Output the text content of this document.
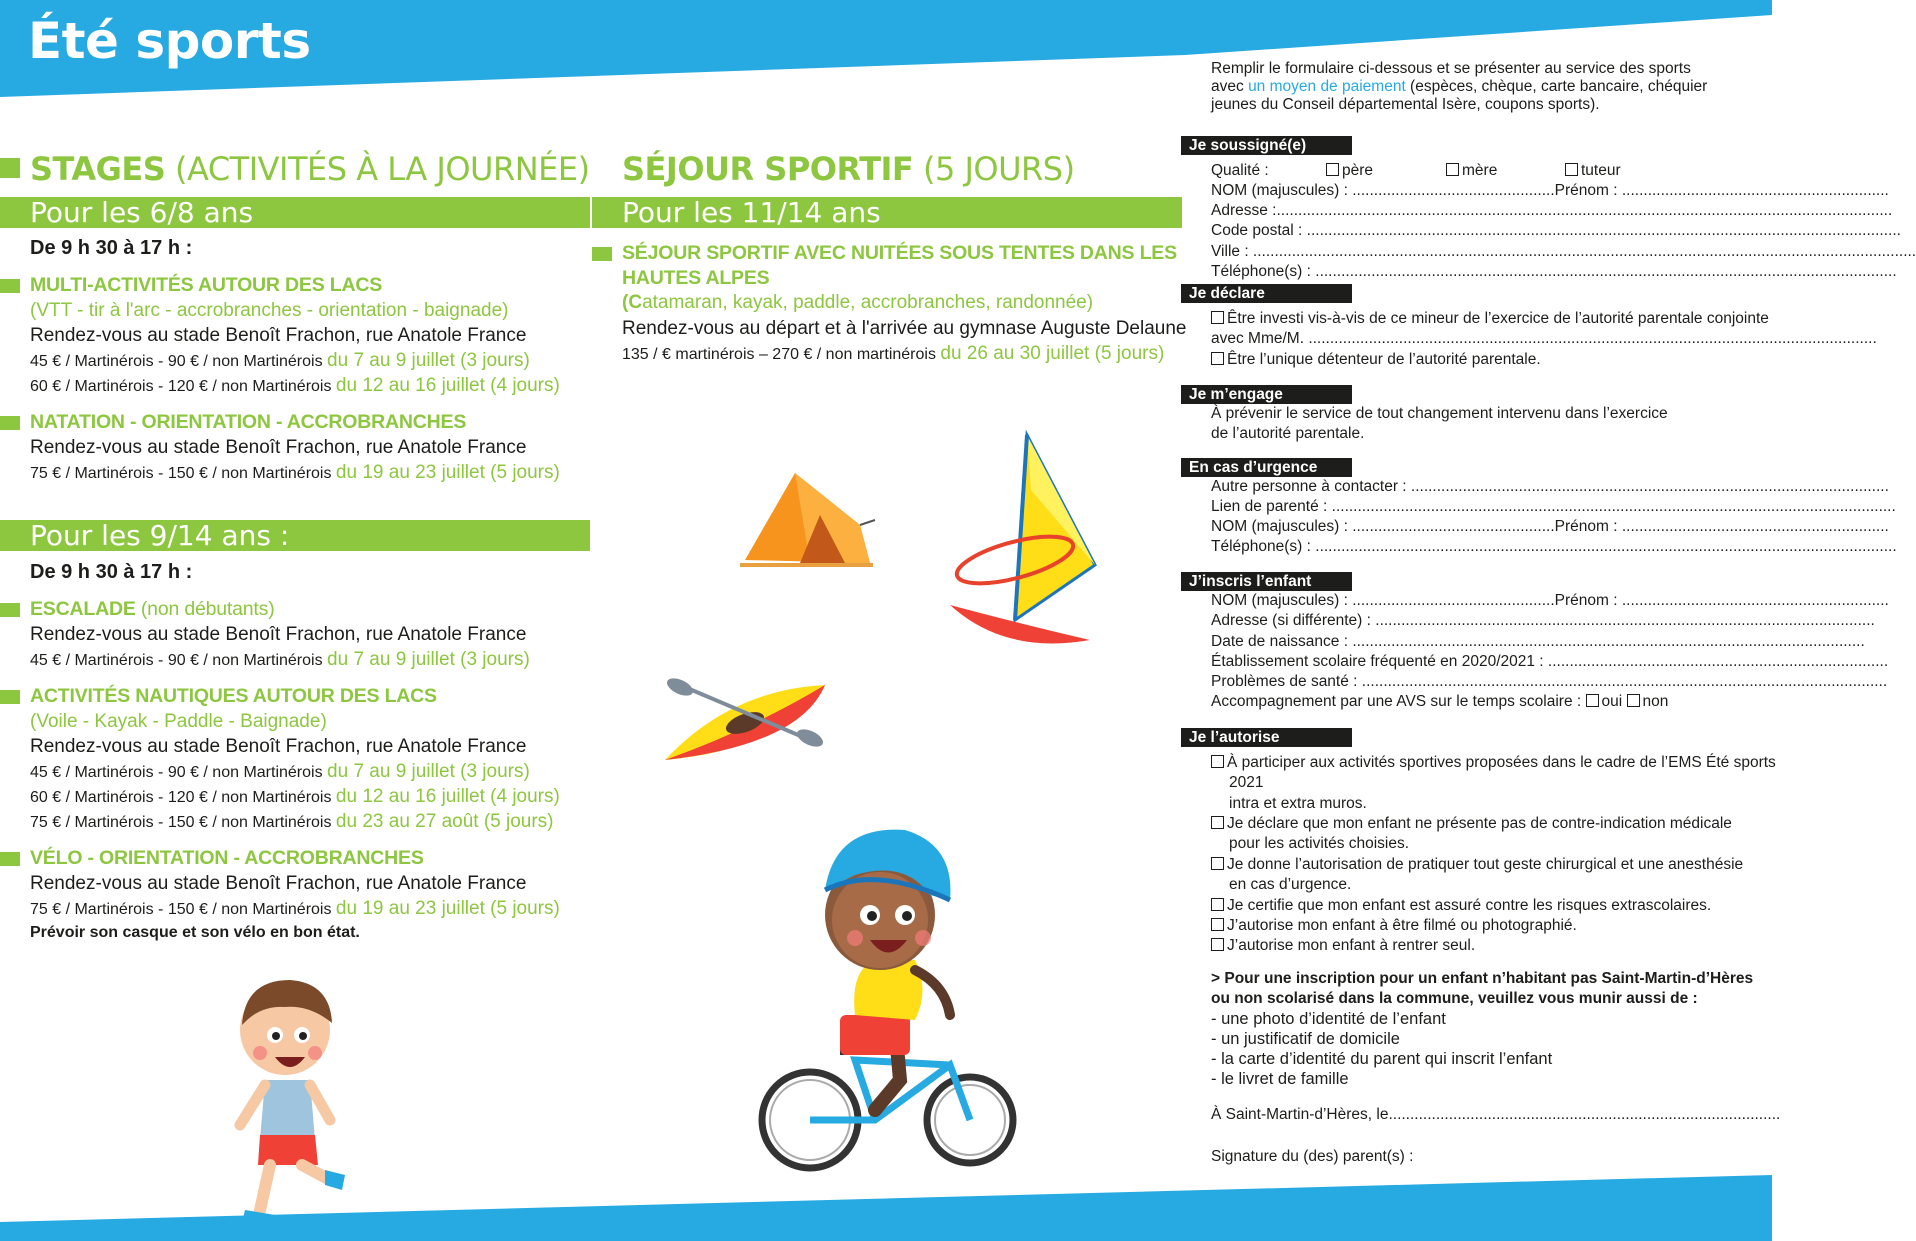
Été sports
STAGES (ACTIVITÉS À LA JOURNÉE)
Pour les 6/8 ans
De 9 h 30 à 17 h :
MULTI-ACTIVITÉS AUTOUR DES LACS
(VTT - tir à l'arc - accrobranches - orientation - baignade)
Rendez-vous au stade Benoît Frachon, rue Anatole France
45 € / Martinérois - 90 € / non Martinérois du 7 au 9 juillet (3 jours)
60 € / Martinérois - 120 € / non Martinérois du 12 au 16 juillet (4 jours)
NATATION - ORIENTATION - ACCROBRANCHES
Rendez-vous au stade Benoît Frachon, rue Anatole France
75 € / Martinérois - 150 € / non Martinérois du 19 au 23 juillet (5 jours)
Pour les 9/14 ans :
De 9 h 30 à 17 h :
ESCALADE (non débutants)
Rendez-vous au stade Benoît Frachon, rue Anatole France
45 € / Martinérois - 90 € / non Martinérois du 7 au 9 juillet (3 jours)
ACTIVITÉS NAUTIQUES AUTOUR DES LACS
(Voile - Kayak - Paddle - Baignade)
Rendez-vous au stade Benoît Frachon, rue Anatole France
45 € / Martinérois - 90 € / non Martinérois du 7 au 9 juillet (3 jours)
60 € / Martinérois - 120 € / non Martinérois du 12 au 16 juillet (4 jours)
75 € / Martinérois - 150 € / non Martinérois du 23 au 27 août (5 jours)
VÉLO - ORIENTATION - ACCROBRANCHES
Rendez-vous au stade Benoît Frachon, rue Anatole France
75 € / Martinérois - 150 € / non Martinérois du 19 au 23 juillet (5 jours)
Prévoir son casque et son vélo en bon état.
SÉJOUR SPORTIF (5 JOURS)
Pour les 11/14 ans
SÉJOUR SPORTIF AVEC NUITÉES SOUS TENTES DANS LES
HAUTES ALPES
(Catamaran, kayak, paddle, accrobranches, randonnée)
Rendez-vous au départ et à l'arrivée au gymnase Auguste Delaune
135 / € martinérois – 270 € / non martinérois du 26 au 30 juillet (5 jours)
Remplir le formulaire ci-dessous et se présenter au service des sports avec un moyen de paiement (espèces, chèque, carte bancaire, chéquier jeunes du Conseil départemental Isère, coupons sports).
Je soussigné(e)
Qualité :	père	mère	tuteur
NOM (majuscules) : ...............................................Prénom : ..............................................................
Adresse :...............................................................................................................................................
Code postal : ..........................................................................................................................................
Ville : ..........................................................................................................................................................
Téléphone(s) : .......................................................................................................................................
Je déclare
Être investi vis-à-vis de ce mineur de l’exercice de l’autorité parentale conjointe
avec Mme/M. ....................................................................................................................................
Être l’unique détenteur de l’autorité parentale.
Je m’engage
À prévenir le service de tout changement intervenu dans l’exercice
de l’autorité parentale.
En cas d’urgence
Autre personne à contacter : ...............................................................................................................
Lien de parenté : ...................................................................................................................................
NOM (majuscules) : ...............................................Prénom : ..............................................................
Téléphone(s) : .......................................................................................................................................
J’inscris l’enfant
NOM (majuscules) : ...............................................Prénom : ..............................................................
Adresse (si différente) : ....................................................................................................................
Date de naissance : .......................................................................................................................
Établissement scolaire fréquenté en 2020/2021 : ...............................................................................
Problèmes de santé : ..........................................................................................................................
Accompagnement par une AVS sur le temps scolaire : oui non
Je l’autorise
À participer aux activités sportives proposées dans le cadre de l’EMS Été sports
2021
intra et extra muros.
Je déclare que mon enfant ne présente pas de contre-indication médicale
pour les activités choisies.
Je donne l’autorisation de pratiquer tout geste chirurgical et une anesthésie
en cas d’urgence.
Je certifie que mon enfant est assuré contre les risques extrascolaires.
J’autorise mon enfant à être filmé ou photographié.
J’autorise mon enfant à rentrer seul.
> Pour une inscription pour un enfant n’habitant pas Saint-Martin-d’Hères
ou non scolarisé dans la commune, veuillez vous munir aussi de :
- une photo d’identité de l’enfant
- un justificatif de domicile
- la carte d’identité du parent qui inscrit l’enfant
- le livret de famille
À Saint-Martin-d’Hères, le...........................................................................................
Signature du (des) parent(s) :
